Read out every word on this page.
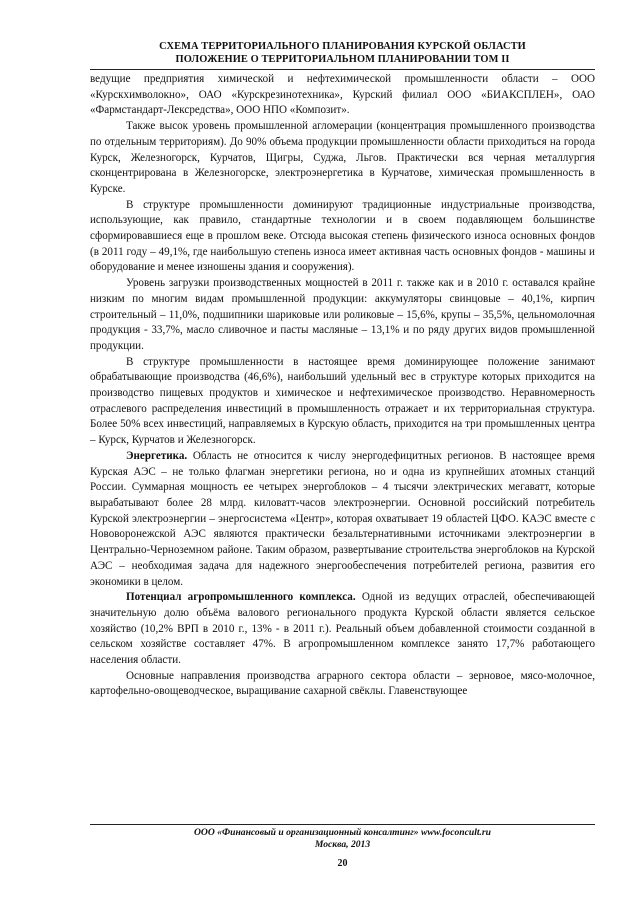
СХЕМА ТЕРРИТОРИАЛЬНОГО ПЛАНИРОВАНИЯ КУРСКОЙ ОБЛАСТИ
ПОЛОЖЕНИЕ О ТЕРРИТОРИАЛЬНОМ ПЛАНИРОВАНИИ ТОМ II

ведущие предприятия химической и нефтехимической промышленности области – ООО «Курскхимволокно», ОАО «Курскрезинотехника», Курский филиал ООО «БИАКСПЛЕН», ОАО «Фармстандарт-Лексредства», ООО НПО «Композит».

Также высок уровень промышленной агломерации (концентрация промышленного производства по отдельным территориям). До 90% объема продукции промышленности области приходиться на города Курск, Железногорск, Курчатов, Щигры, Суджа, Льгов. Практически вся черная металлургия сконцентрирована в Железногорске, электроэнергетика в Курчатове, химическая промышленность в Курске.

В структуре промышленности доминируют традиционные индустриальные производства, использующие, как правило, стандартные технологии и в своем подавляющем большинстве сформировавшиеся еще в прошлом веке. Отсюда высокая степень физического износа основных фондов (в 2011 году – 49,1%, где наибольшую степень износа имеет активная часть основных фондов - машины и оборудование и менее изношены здания и сооружения).

Уровень загрузки производственных мощностей в 2011 г. также как и в 2010 г. оставался крайне низким по многим видам промышленной продукции: аккумуляторы свинцовые – 40,1%, кирпич строительный – 11,0%, подшипники шариковые или роликовые – 15,6%, крупы – 35,5%, цельномолочная продукция - 33,7%, масло сливочное и пасты масляные – 13,1% и по ряду других видов промышленной продукции.

В структуре промышленности в настоящее время доминирующее положение занимают обрабатывающие производства (46,6%), наибольший удельный вес в структуре которых приходится на производство пищевых продуктов и химическое и нефтехимическое производство. Неравномерность отраслевого распределения инвестиций в промышленность отражает и их территориальная структура. Более 50% всех инвестиций, направляемых в Курскую область, приходится на три промышленных центра – Курск, Курчатов и Железногорск.

Энергетика. Область не относится к числу энергодефицитных регионов. В настоящее время Курская АЭС – не только флагман энергетики региона, но и одна из крупнейших атомных станций России. Суммарная мощность ее четырех энергоблоков – 4 тысячи электрических мегаватт, которые вырабатывают более 28 млрд. киловатт-часов электроэнергии. Основной российский потребитель Курской электроэнергии – энергосистема «Центр», которая охватывает 19 областей ЦФО. КАЭС вместе с Нововоронежской АЭС являются практически безальтернативными источниками электроэнергии в Центрально-Черноземном районе. Таким образом, развертывание строительства энергоблоков на Курской АЭС – необходимая задача для надежного энергообеспечения потребителей региона, развития его экономики в целом.

Потенциал агропромышленного комплекса. Одной из ведущих отраслей, обеспечивающей значительную долю объёма валового регионального продукта Курской области является сельское хозяйство (10,2% ВРП в 2010 г., 13% - в 2011 г.). Реальный объем добавленной стоимости созданной в сельском хозяйстве составляет 47%. В агропромышленном комплексе занято 17,7% работающего населения области.

Основные направления производства аграрного сектора области – зерновое, мясо-молочное, картофельно-овощеводческое, выращивание сахарной свёклы. Главенствующее

ООО «Финансовый и организационный консалтинг» www.foconcult.ru
Москва, 2013
20
